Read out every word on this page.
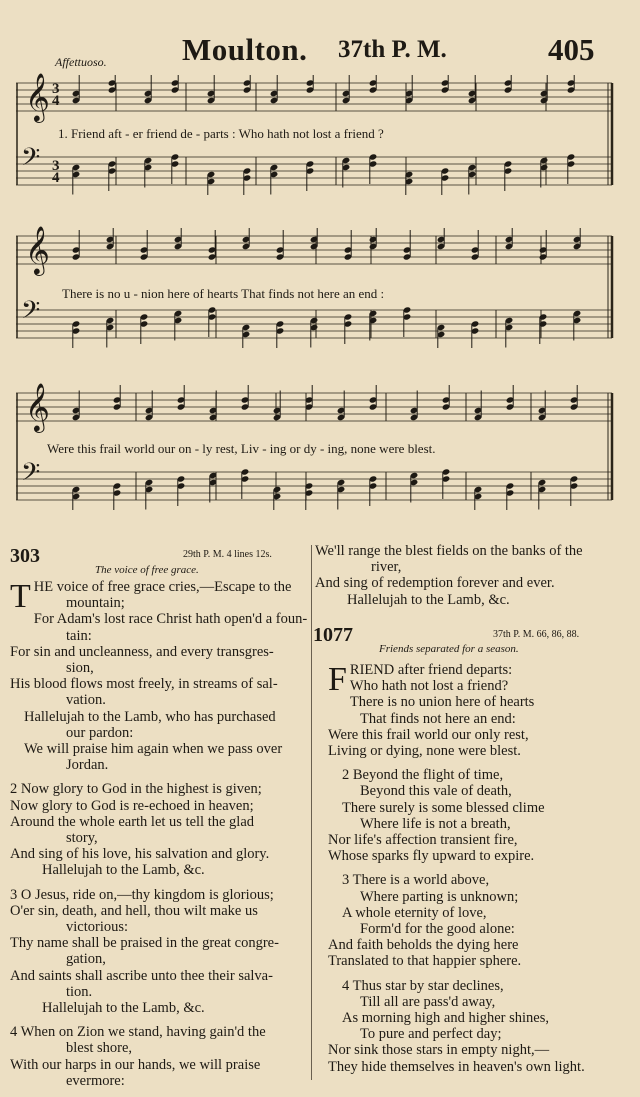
Affettuoso. Moulton. 37th P. M.	405
𝄞
𝄢
3
4
3
4
1. Friend aft - er friend de - parts : Who hath not lost a friend ?
𝄞
𝄢
There is no u - nion here of hearts That finds not here an end :
𝄞
𝄢
Were this frail world our on - ly rest, Liv - ing or dy - ing, none were blest.
303	29th P. M. 4 lines 12s.
The voice of free grace.
T HE voice of free grace cries,—Escape to the

mountain;

For Adam's lost race Christ hath open'd a foun-

tain:

For sin and uncleanness, and every transgres-

sion,

His blood flows most freely, in streams of sal-

vation.

Hallelujah to the Lamb, who has purchased

our pardon:

We will praise him again when we pass over

Jordan.

2 Now glory to God in the highest is given;

Now glory to God is re-echoed in heaven;

Around the whole earth let us tell the glad

story,

And sing of his love, his salvation and glory.

Hallelujah to the Lamb, &c.

3 O Jesus, ride on,—thy kingdom is glorious;

O'er sin, death, and hell, thou wilt make us

victorious:

Thy name shall be praised in the great congre-

gation,

And saints shall ascribe unto thee their salva-

tion.

Hallelujah to the Lamb, &c.

4 When on Zion we stand, having gain'd the

blest shore,

With our harps in our hands, we will praise

evermore:

We'll range the blest fields on the banks of the

river,

And sing of redemption forever and ever.

Hallelujah to the Lamb, &c.

1077	37th P. M. 66, 86, 88.
Friends separated for a season.
F RIEND after friend departs:

Who hath not lost a friend?

There is no union here of hearts

That finds not here an end:

Were this frail world our only rest,

Living or dying, none were blest.

2 Beyond the flight of time,

Beyond this vale of death,

There surely is some blessed clime

Where life is not a breath,

Nor life's affection transient fire,

Whose sparks fly upward to expire.

3 There is a world above,

Where parting is unknown;

A whole eternity of love,

Form'd for the good alone:

And faith beholds the dying here

Translated to that happier sphere.

4 Thus star by star declines,

Till all are pass'd away,

As morning high and higher shines,

To pure and perfect day;

Nor sink those stars in empty night,—

They hide themselves in heaven's own light.
